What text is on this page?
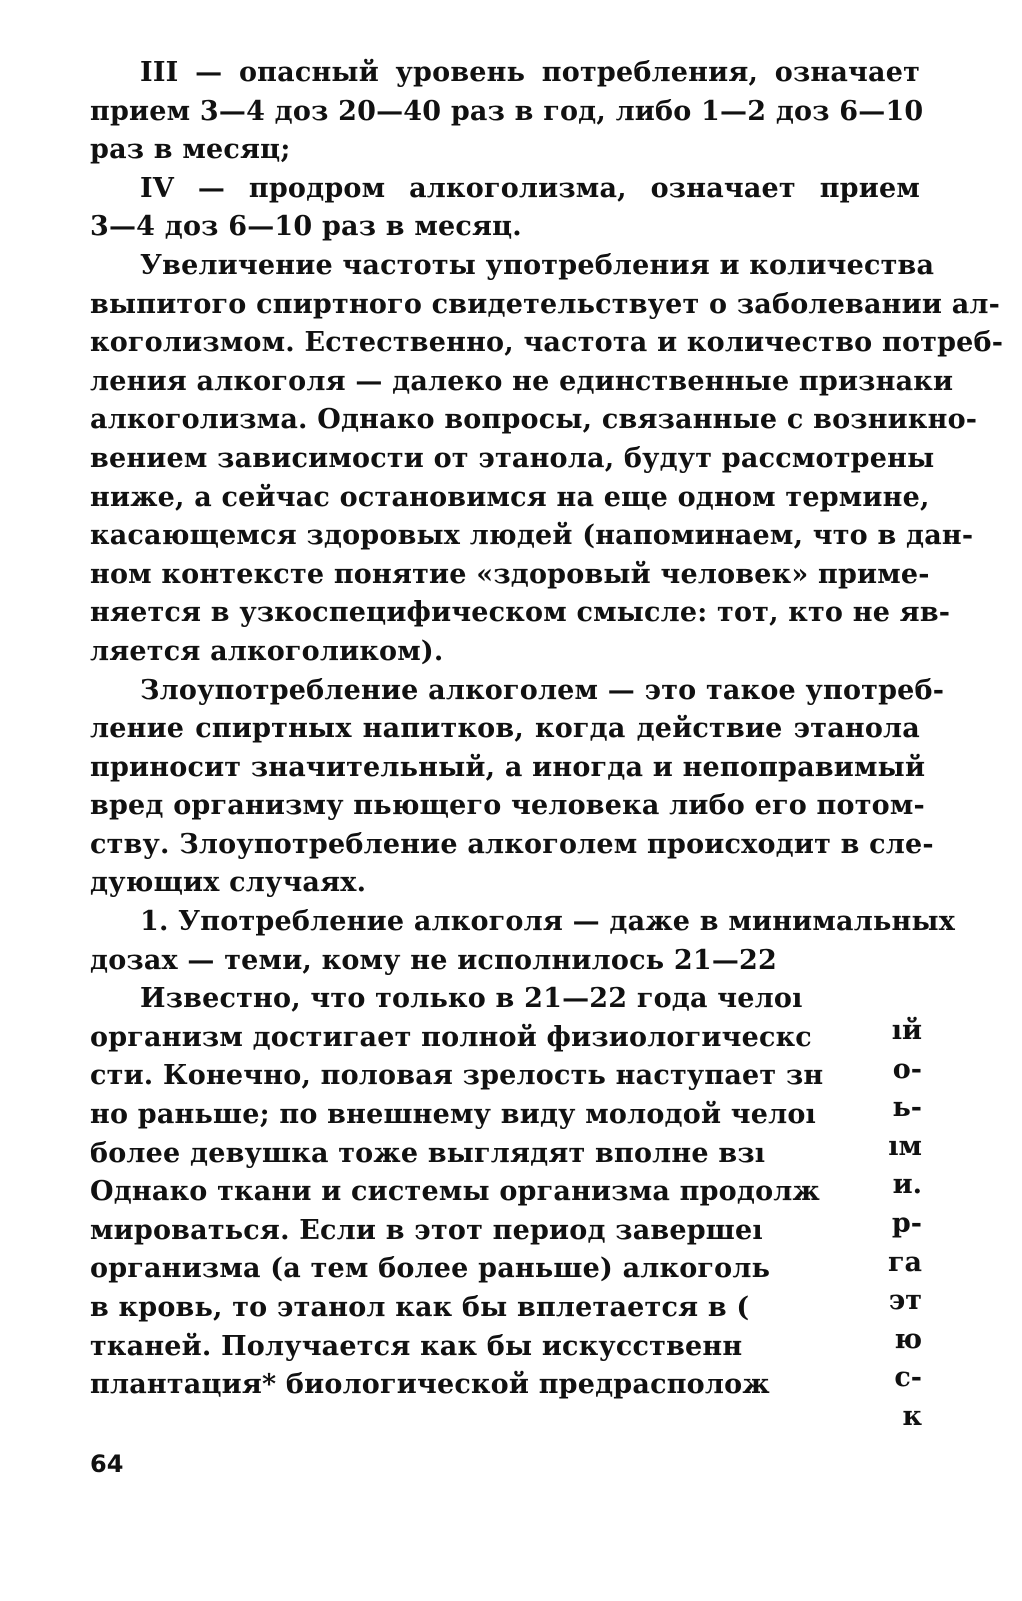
III — опасный уровень потребления, означает
прием 3—4 доз 20—40 раз в год, либо 1—2 доз 6—10
раз в месяц;
IV — продром алкоголизма, означает прием
3—4 доз 6—10 раз в месяц.
Увеличение частоты употребления и количества
выпитого спиртного свидетельствует о заболевании ал-
коголизмом. Естественно, частота и количество потреб-
ления алкоголя — далеко не единственные признаки
алкоголизма. Однако вопросы, связанные с возникно-
вением зависимости от этанола, будут рассмотрены
ниже, а сейчас остановимся на еще одном термине,
касающемся здоровых людей (напоминаем, что в дан-
ном контексте понятие «здоровый человек» приме-
няется в узкоспецифическом смысле: тот, кто не яв-
ляется алкоголиком).
Злоупотребление алкоголем — это такое употреб-
ление спиртных напитков, когда действие этанола
приносит значительный, а иногда и непоправимый
вред организму пьющего человека либо его потом-
ству. Злоупотребление алкоголем происходит в сле-
дующих случаях.
1. Употребление алкоголя — даже в минимальных
дозах — теми, кому не исполнилось 21—22
Известно, что только в 21—22 года челоı
организм достигает полной физиологическс
сти. Конечно, половая зрелость наступает зн
но раньше; по внешнему виду молодой челоı
более девушка тоже выглядят вполне взı
Однако ткани и системы организма продолж
мироваться. Если в этот период завершеı
организма (а тем более раньше) алкоголь
в кровь, то этанол как бы вплетается в (
тканей. Получается как бы искусственн
плантация* биологической предраспoлoж
ıй
о-
ь-
ıм
и.
р-
га
эт
ю
с-
к
64
